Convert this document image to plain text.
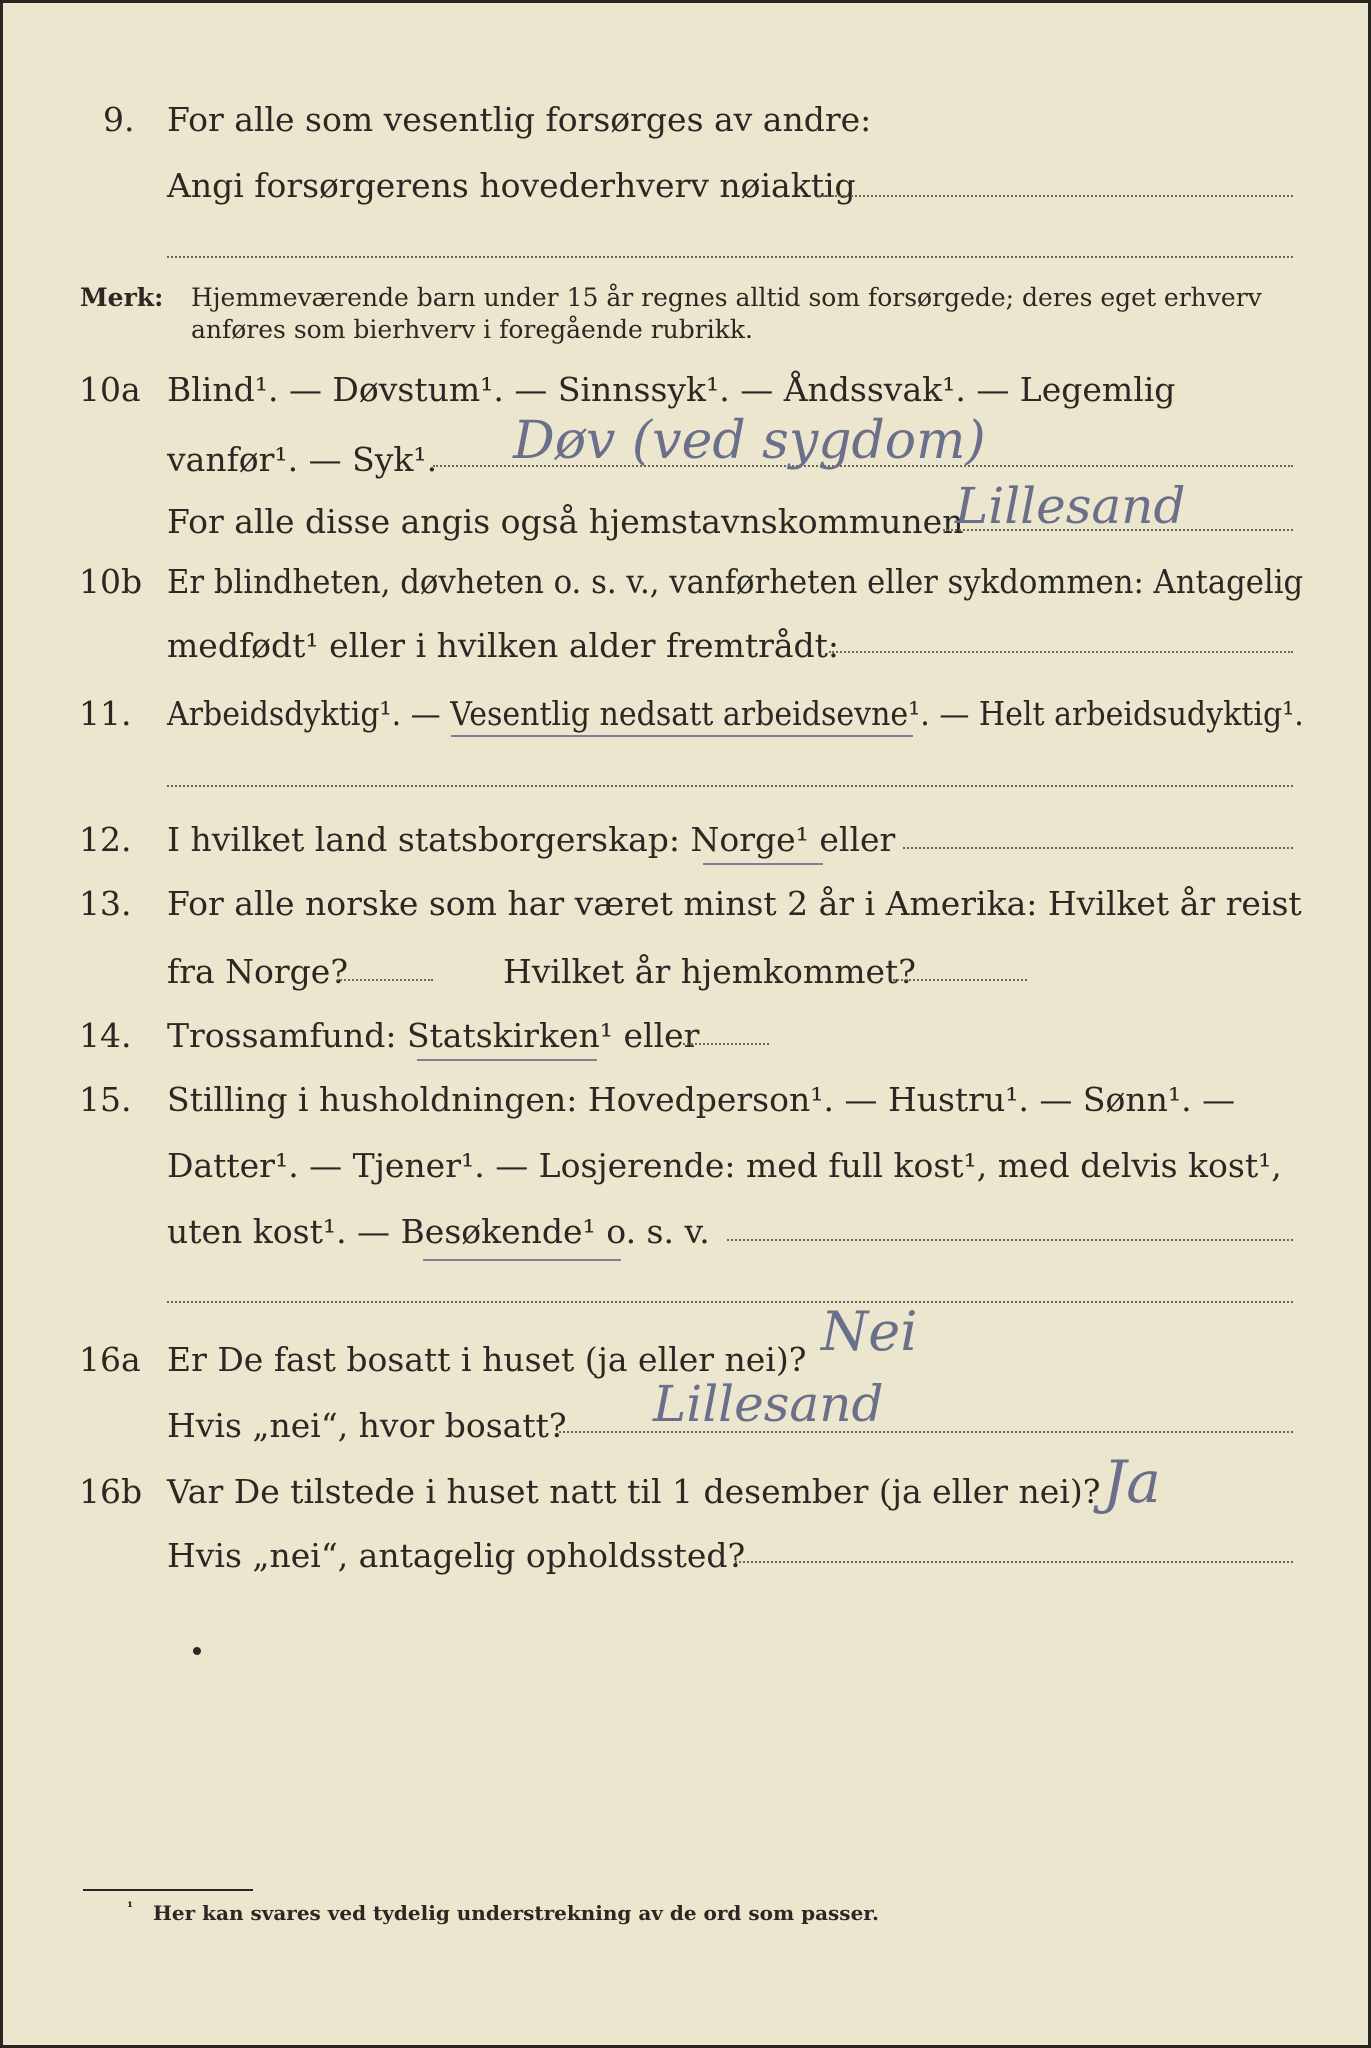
9. For alle som vesentlig forsørges av andre:
Angi forsørgerens hovederhverv nøiaktig
Merk: Hjemmeværende barn under 15 år regnes alltid som forsørgede; deres eget erhverv
anføres som bierhverv i foregående rubrikk.
10a Blind¹. — Døvstum¹. — Sinnssyk¹. — Åndssvak¹. — Legemlig
vanfør¹. — Syk¹. Døv (ved sygdom)
For alle disse angis også hjemstavnskommunen
Lillesand
10b Er blindheten, døvheten o. s. v., vanførheten eller sykdommen: Antagelig
medfødt¹ eller i hvilken alder fremtrådt:
11. Arbeidsdyktig¹. — Vesentlig nedsatt arbeidsevne¹. — Helt arbeidsudyktig¹.
12. I hvilket land statsborgerskap: Norge¹ eller
13. For alle norske som har været minst 2 år i Amerika: Hvilket år reist
fra Norge?	Hvilket år hjemkommet?
14. Trossamfund: Statskirken¹ eller
15. Stilling i husholdningen: Hovedperson¹. — Hustru¹. — Sønn¹. —
Datter¹. — Tjener¹. — Losjerende: med full kost¹, med delvis kost¹,
uten kost¹. — Besøkende¹ o. s. v.
16a Er De fast bosatt i huset (ja eller nei)? Nei
Hvis „nei“, hvor bosatt? Lillesand
16b Var De tilstede i huset natt til 1 desember (ja eller nei)? Ja
Hvis „nei“, antagelig opholdssted?
¹ Her kan svares ved tydelig understrekning av de ord som passer.
